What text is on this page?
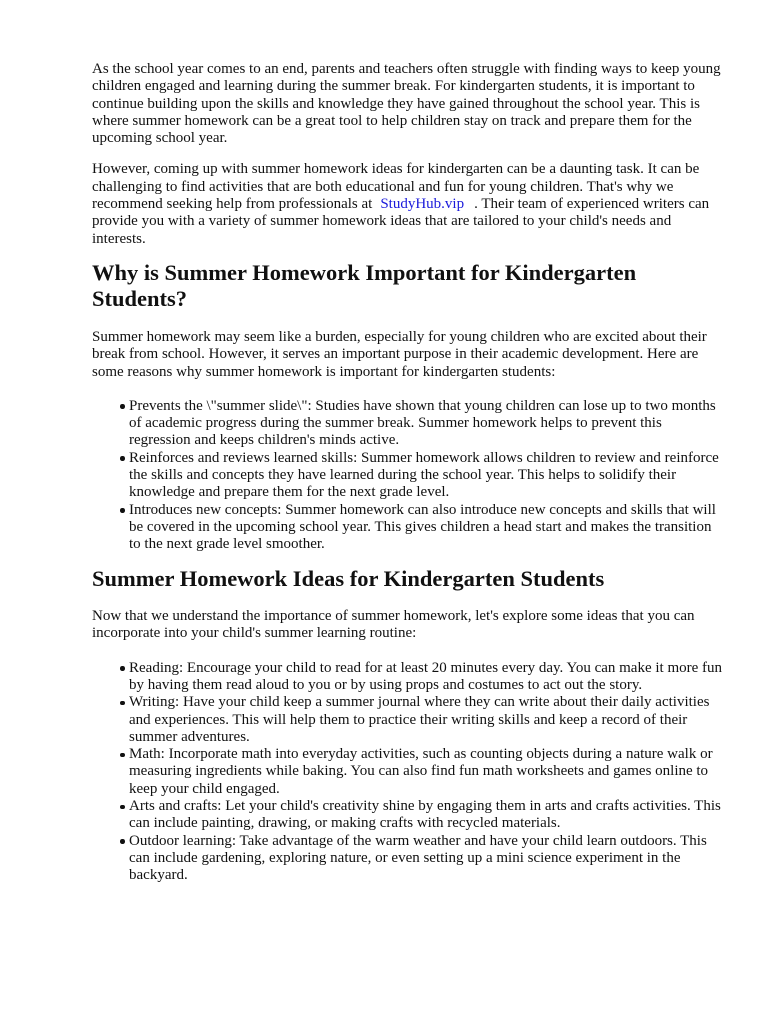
As the school year comes to an end, parents and teachers often struggle with finding ways to keep young children engaged and learning during the summer break. For kindergarten students, it is important to continue building upon the skills and knowledge they have gained throughout the school year. This is where summer homework can be a great tool to help children stay on track and prepare them for the upcoming school year.

However, coming up with summer homework ideas for kindergarten can be a daunting task. It can be challenging to find activities that are both educational and fun for young children. That's why we recommend seeking help from professionals at StudyHub.vip . Their team of experienced writers can provide you with a variety of summer homework ideas that are tailored to your child's needs and interests.

Why is Summer Homework Important for Kindergarten Students?

Summer homework may seem like a burden, especially for young children who are excited about their break from school. However, it serves an important purpose in their academic development. Here are some reasons why summer homework is important for kindergarten students:

Prevents the \"summer slide\": Studies have shown that young children can lose up to two months of academic progress during the summer break. Summer homework helps to prevent this regression and keeps children's minds active.
Reinforces and reviews learned skills: Summer homework allows children to review and reinforce the skills and concepts they have learned during the school year. This helps to solidify their knowledge and prepare them for the next grade level.
Introduces new concepts: Summer homework can also introduce new concepts and skills that will be covered in the upcoming school year. This gives children a head start and makes the transition to the next grade level smoother.
Summer Homework Ideas for Kindergarten Students

Now that we understand the importance of summer homework, let's explore some ideas that you can incorporate into your child's summer learning routine:

Reading: Encourage your child to read for at least 20 minutes every day. You can make it more fun by having them read aloud to you or by using props and costumes to act out the story.
Writing: Have your child keep a summer journal where they can write about their daily activities and experiences. This will help them to practice their writing skills and keep a record of their summer adventures.
Math: Incorporate math into everyday activities, such as counting objects during a nature walk or measuring ingredients while baking. You can also find fun math worksheets and games online to keep your child engaged.
Arts and crafts: Let your child's creativity shine by engaging them in arts and crafts activities. This can include painting, drawing, or making crafts with recycled materials.
Outdoor learning: Take advantage of the warm weather and have your child learn outdoors. This can include gardening, exploring nature, or even setting up a mini science experiment in the backyard.
